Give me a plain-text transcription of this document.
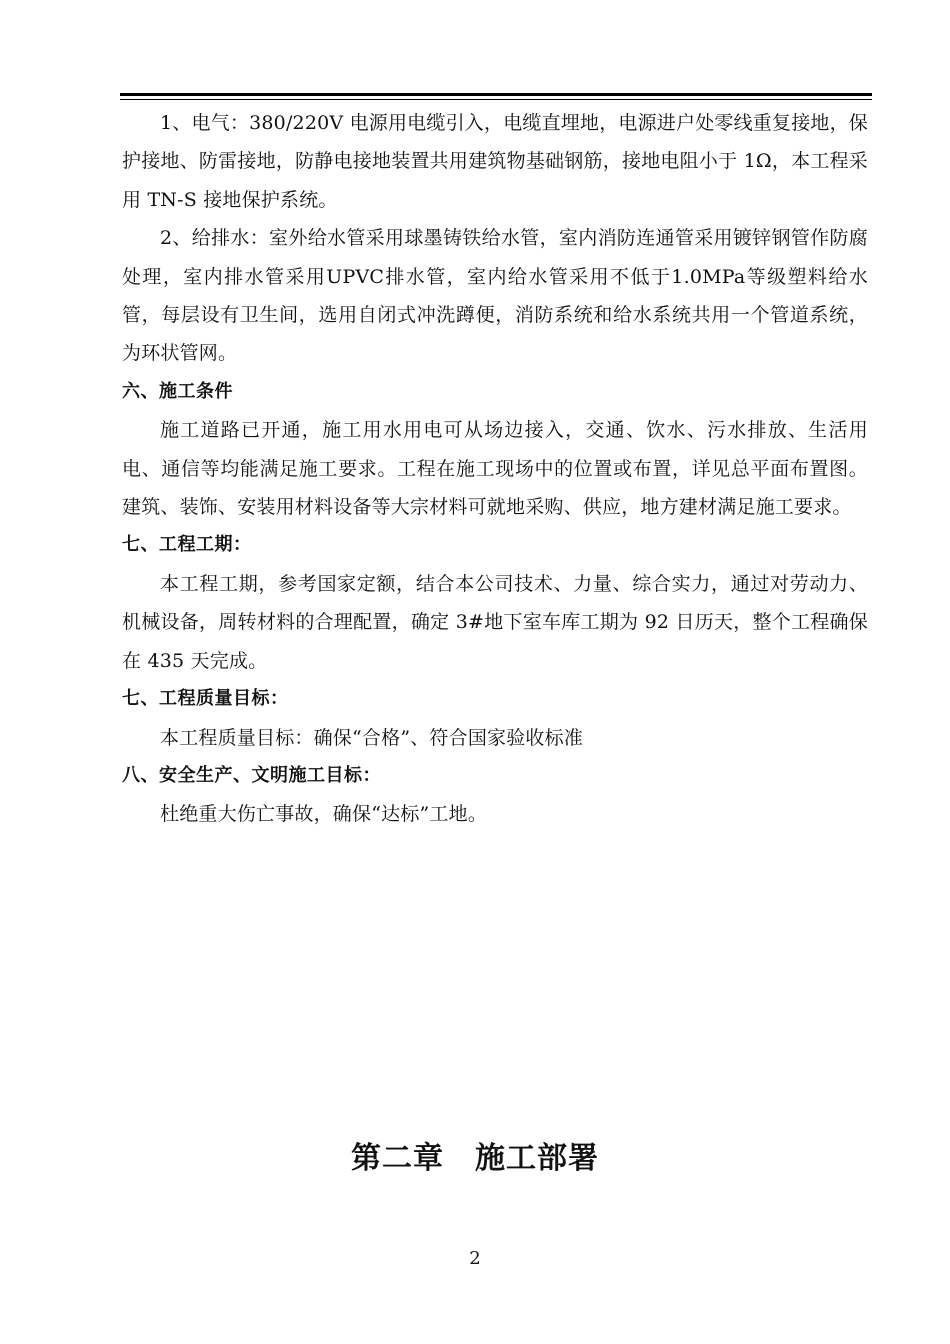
1、电气：380/220V 电源用电缆引入，电缆直埋地，电源进户处零线重复接地，保护接地、防雷接地，防静电接地装置共用建筑物基础钢筋，接地电阻小于 1Ω，本工程采用 TN-S 接地保护系统。

2、给排水：室外给水管采用球墨铸铁给水管，室内消防连通管采用镀锌钢管作防腐处理，室内排水管采用UPVC排水管，室内给水管采用不低于1.0MPa等级塑料给水管，每层设有卫生间，选用自闭式冲洗蹲便，消防系统和给水系统共用一个管道系统，为环状管网。

六、施工条件

施工道路已开通，施工用水用电可从场边接入，交通、饮水、污水排放、生活用电、通信等均能满足施工要求。工程在施工现场中的位置或布置，详见总平面布置图。建筑、装饰、安装用材料设备等大宗材料可就地采购、供应，地方建材满足施工要求。

七、工程工期：

本工程工期，参考国家定额，结合本公司技术、力量、综合实力，通过对劳动力、机械设备，周转材料的合理配置，确定 3#地下室车库工期为 92 日历天，整个工程确保在 435 天完成。

七、工程质量目标：

本工程质量目标：确保“合格”、符合国家验收标准

八、安全生产、文明施工目标：

杜绝重大伤亡事故，确保“达标”工地。

第二章　施工部署
2
